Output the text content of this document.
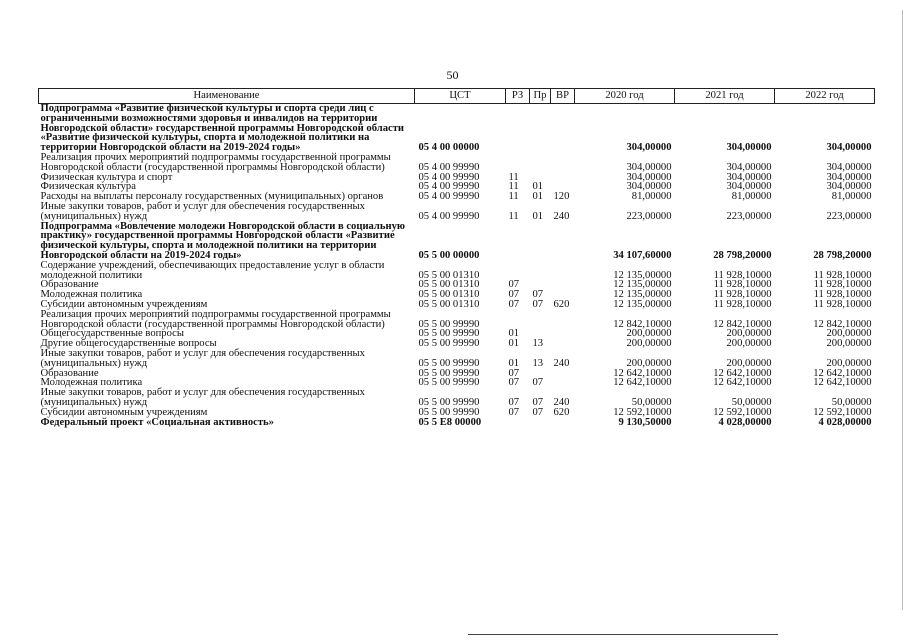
50
Наименование	ЦСТ	РЗ	Пр	ВР	2020 год	2021 год	2022 год
Подпрограмма «Развитие физической культуры и спорта среди лиц с ограниченными возможностями здоровья и инвалидов на территории Новгородской области» государственной программы Новгородской области «Развитие физической культуры, спорта и молодежной политики на территории Новгородской области на 2019-2024 годы»	05 4 00 00000				304,00000	304,00000	304,00000
Реализация прочих мероприятий подпрограммы государственной программы Новгородской области (государственной программы Новгородской области)	05 4 00 99990				304,00000	304,00000	304,00000
Физическая культура и спорт	05 4 00 99990	11			304,00000	304,00000	304,00000
Физическая культура	05 4 00 99990	11	01		304,00000	304,00000	304,00000
Расходы на выплаты персоналу государственных (муниципальных) органов	05 4 00 99990	11	01	120	81,00000	81,00000	81,00000
Иные закупки товаров, работ и услуг для обеспечения государственных (муниципальных) нужд	05 4 00 99990	11	01	240	223,00000	223,00000	223,00000
Подпрограмма «Вовлечение молодежи Новгородской области в социальную практику» государственной программы Новгородской области «Развитие физической культуры, спорта и молодежной политики на территории Новгородской области на 2019-2024 годы»	05 5 00 00000				34 107,60000	28 798,20000	28 798,20000
Содержание учреждений, обеспечивающих предоставление услуг в области молодежной политики	05 5 00 01310				12 135,00000	11 928,10000	11 928,10000
Образование	05 5 00 01310	07			12 135,00000	11 928,10000	11 928,10000
Молодежная политика	05 5 00 01310	07	07		12 135,00000	11 928,10000	11 928,10000
Субсидии автономным учреждениям	05 5 00 01310	07	07	620	12 135,00000	11 928,10000	11 928,10000
Реализация прочих мероприятий подпрограммы государственной программы Новгородской области (государственной программы Новгородской области)	05 5 00 99990				12 842,10000	12 842,10000	12 842,10000
Общегосударственные вопросы	05 5 00 99990	01			200,00000	200,00000	200,00000
Другие общегосударственные вопросы	05 5 00 99990	01	13		200,00000	200,00000	200,00000
Иные закупки товаров, работ и услуг для обеспечения государственных (муниципальных) нужд	05 5 00 99990	01	13	240	200,00000	200,00000	200,00000
Образование	05 5 00 99990	07			12 642,10000	12 642,10000	12 642,10000
Молодежная политика	05 5 00 99990	07	07		12 642,10000	12 642,10000	12 642,10000
Иные закупки товаров, работ и услуг для обеспечения государственных (муниципальных) нужд	05 5 00 99990	07	07	240	50,00000	50,00000	50,00000
Субсидии автономным учреждениям	05 5 00 99990	07	07	620	12 592,10000	12 592,10000	12 592,10000
Федеральный проект «Социальная активность»	05 5 E8 00000				9 130,50000	4 028,00000	4 028,00000
